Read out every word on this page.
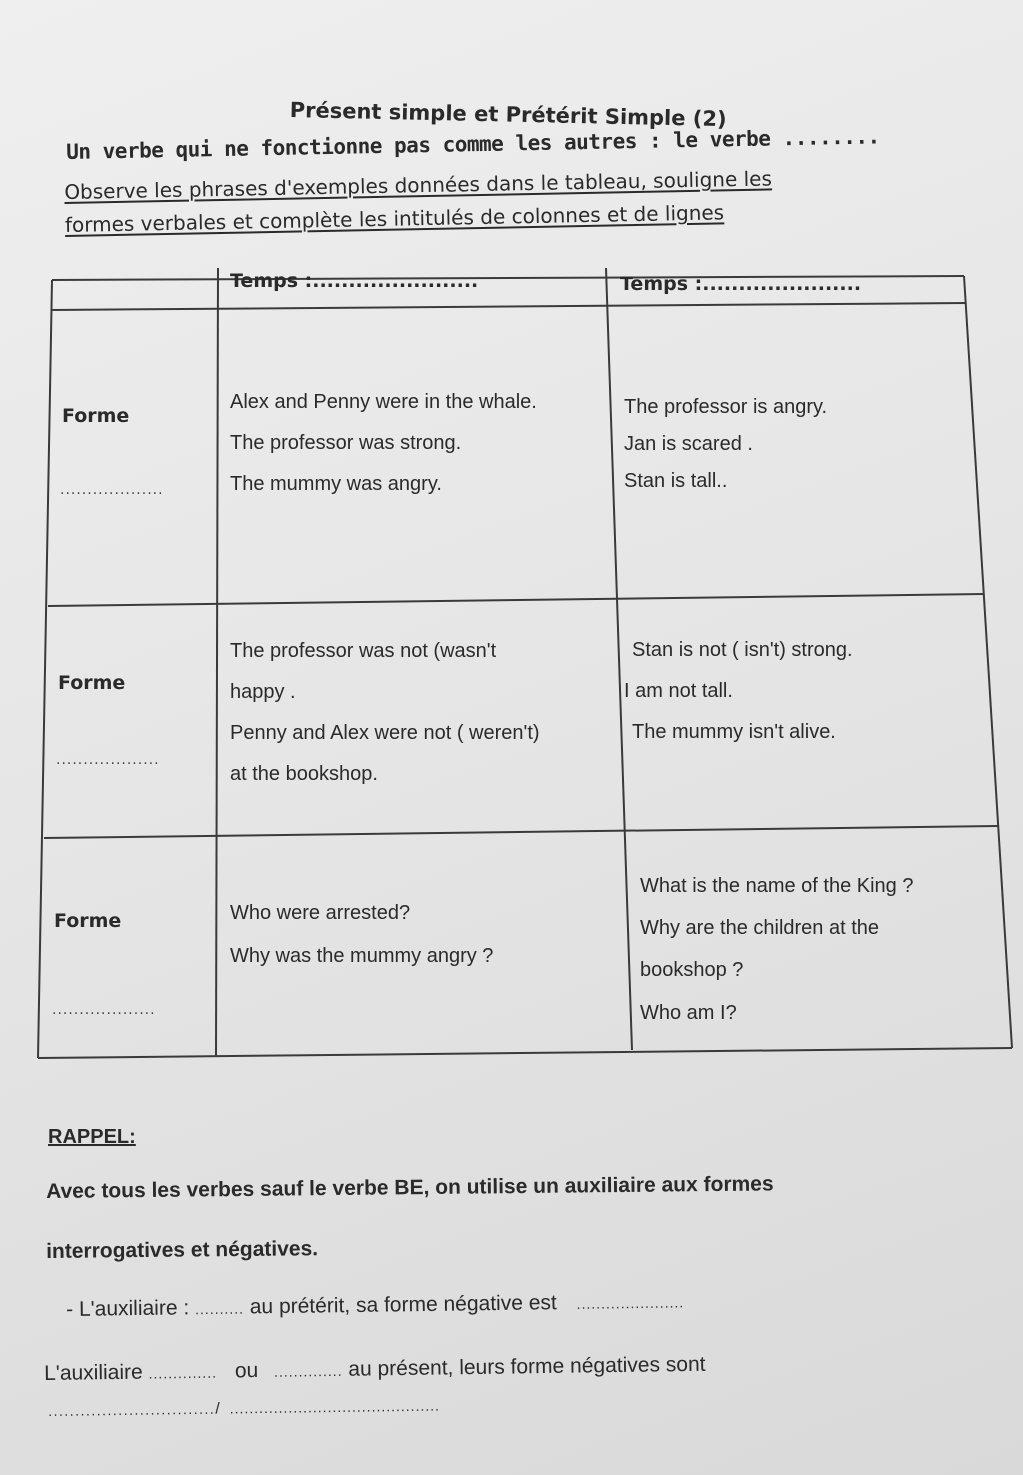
Présent simple et Prétérit Simple (2)
Un verbe qui ne fonctionne pas comme les autres : le verbe ........
Observe les phrases d'exemples données dans le tableau, souligne les
formes verbales et complète les intitulés de colonnes et de lignes
Temps :.......................	Temps :......................
Forme
...................
Alex and Penny were in the whale.
The professor was strong.
The mummy was angry.
The professor is angry.
Jan is scared .
Stan is tall..
Forme
...................
The professor was not (wasn't
happy .
Penny and Alex were not ( weren't)
at the bookshop.
Stan is not ( isn't) strong.
I am not tall.
The mummy isn't alive.
Forme
...................
Who were arrested?
Why was the mummy angry ?
What is the name of the King ?
Why are the children at the
bookshop ?
Who am I?
RAPPEL:
Avec tous les verbes sauf le verbe BE, on utilise un auxiliaire aux formes
interrogatives et négatives.
- L'auxiliaire : .......... au prétérit, sa forme négative est ......................
L'auxiliaire .............. ou .............. au présent, leurs forme négatives sont
.............................../ ...........................................
